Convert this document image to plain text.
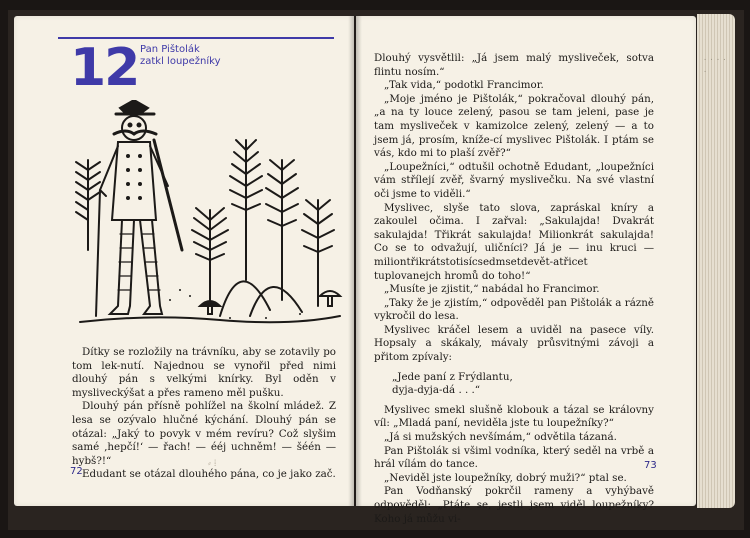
· · · · ·
12 Pan Pištolák
zatkl loupežníky

Dítky se rozložily na trávníku, aby se zotavily po tom lek-nutí. Najednou se vynořil před nimi dlouhý pán s velkými knírky. Byl oděn v mysliveckýšat a přes rameno měl pušku.

Dlouhý pán přísně pohlížel na školní mládež. Z lesa se ozývalo hlučné kýchání. Dlouhý pán se otázal: „Jaký to povyk v mém revíru? Což slyšim samé ‚hepčí!‘ — řach! — ééj uchněm! — šéén — hybš?!“

Edudant se otázal dlouhého pána, co je jako zač.

⸗ ⁞
72

Dlouhý vysvětlil: „Já jsem malý mysliveček, sotva flintu nosím.“

„Tak vida,“ podotkl Francimor.

„Moje jméno je Pištolák,“ pokračoval dlouhý pán, „a na ty louce zelený, pasou se tam jeleni, pase je tam mysliveček v kamizolce zelený, zelený — a to jsem já, prosím, kníže-cí myslivec Pištolák. I ptám se vás, kdo mi to plaší zvěř?“

„Loupežníci,“ odtušil ochotně Edudant, „loupežníci vám střílejí zvěř, švarný myslivečku. Na své vlastní oči jsme to viděli.“

Myslivec, slyše tato slova, zapráskal kníry a zakoulel očima. I zařval: „Sakulajda! Dvakrát sakulajda! Třikrát sakulajda! Milionkrát sakulajda! Co se to odvažují, uličníci? Já je — inu kruci — miliontřikrátstotisícsedmsetdevět-atřicet tuplovanejch hromů do toho!“

„Musíte je zjistit,“ nabádal ho Francimor.

„Taky že je zjistím,“ odpověděl pan Pištolák a rázně vykročil do lesa.

Myslivec kráčel lesem a uviděl na pasece víly. Hopsaly a skákaly, mávaly průsvitnými závoji a přitom zpívaly:

„Jede paní z Frýdlantu,

dyja-dyja-dá . . .“

Myslivec smekl slušně klobouk a tázal se královny víl: „Mladá paní, neviděla jste tu loupežníky?“

„Já si mužských nevšímám,“ odvětila tázaná.

Pan Pištolák si všiml vodníka, který seděl na vrbě a hrál vílám do tance.

„Neviděl jste loupežníky, dobrý muži?“ ptal se.

Pan Vodňanský pokrčil rameny a vyhýbavě odpověděl: „Ptáte se, jestli jsem viděl loupežníky? Koho já můžu vi-

73
